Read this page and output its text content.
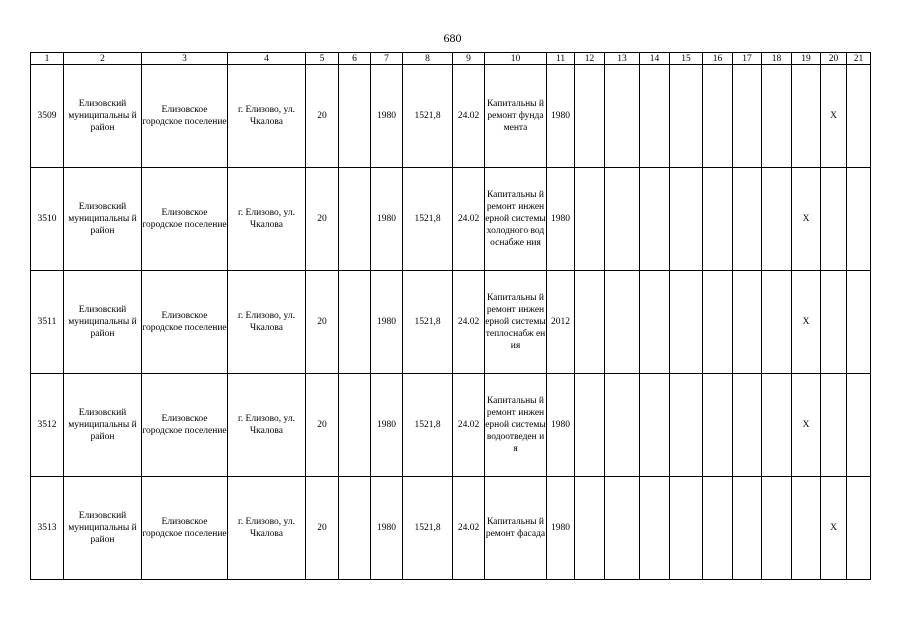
680
1	2	3	4	5	6	7	8	9	10	11	12	13	14	15	16	17	18	19	20	21
3509	Елизовский муниципальны й район	Елизовское городское поселение	г. Елизово, ул. Чкалова	20		1980	1521,8	24.02	Капитальны й ремонт фундамента	1980									X	
3510	Елизовский муниципальны й район	Елизовское городское поселение	г. Елизово, ул. Чкалова	20		1980	1521,8	24.02	Капитальны й ремонт инженерной системы холодного водоснабже ния	1980								X		
3511	Елизовский муниципальны й район	Елизовское городское поселение	г. Елизово, ул. Чкалова	20		1980	1521,8	24.02	Капитальны й ремонт инженерной системы теплоснабж ения	2012								X		
3512	Елизовский муниципальны й район	Елизовское городское поселение	г. Елизово, ул. Чкалова	20		1980	1521,8	24.02	Капитальны й ремонт инженерной системы водоотведен ия	1980								X		
3513	Елизовский муниципальны й район	Елизовское городское поселение	г. Елизово, ул. Чкалова	20		1980	1521,8	24.02	Капитальны й ремонт фасада	1980									X	
